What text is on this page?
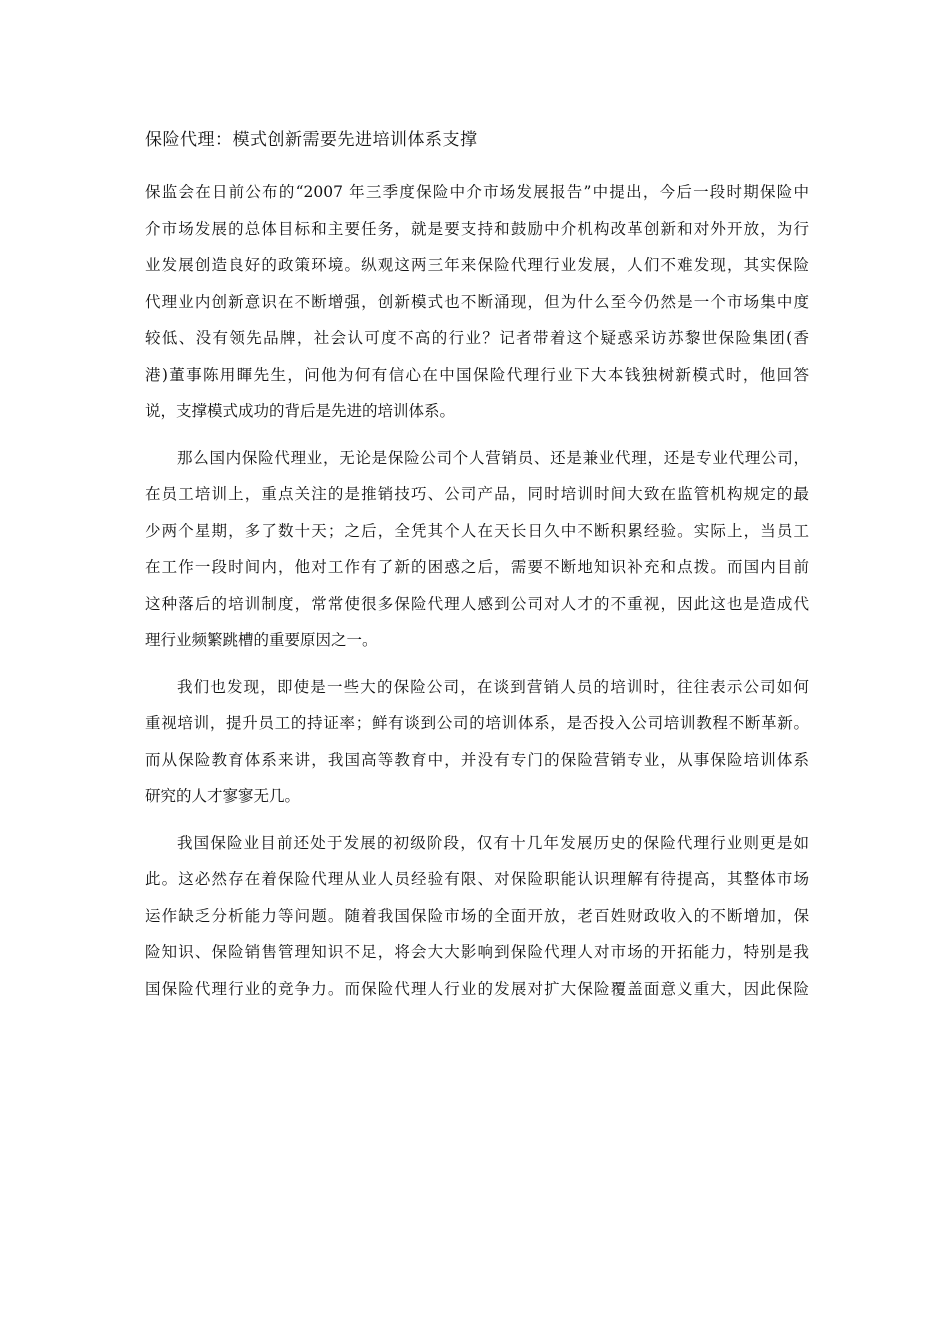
保险代理：模式创新需要先进培训体系支撑

保监会在日前公布的“2007 年三季度保险中介市场发展报告”中提出，今后一段时期保险中
介市场发展的总体目标和主要任务，就是要支持和鼓励中介机构改革创新和对外开放，为行
业发展创造良好的政策环境。纵观这两三年来保险代理行业发展，人们不难发现，其实保险
代理业内创新意识在不断增强，创新模式也不断涌现，但为什么至今仍然是一个市场集中度
较低、没有领先品牌，社会认可度不高的行业？记者带着这个疑惑采访苏黎世保险集团(香
港)董事陈用睴先生，问他为何有信心在中国保险代理行业下大本钱独树新模式时，他回答
说，支撑模式成功的背后是先进的培训体系。

那么国内保险代理业，无论是保险公司个人营销员、还是兼业代理，还是专业代理公司，
在员工培训上，重点关注的是推销技巧、公司产品，同时培训时间大致在监管机构规定的最
少两个星期，多了数十天；之后，全凭其个人在天长日久中不断积累经验。实际上，当员工
在工作一段时间内，他对工作有了新的困惑之后，需要不断地知识补充和点拨。而国内目前
这种落后的培训制度，常常使很多保险代理人感到公司对人才的不重视，因此这也是造成代
理行业频繁跳槽的重要原因之一。

我们也发现，即使是一些大的保险公司，在谈到营销人员的培训时，往往表示公司如何
重视培训，提升员工的持证率；鲜有谈到公司的培训体系，是否投入公司培训教程不断革新。
而从保险教育体系来讲，我国高等教育中，并没有专门的保险营销专业，从事保险培训体系
研究的人才寥寥无几。

我国保险业目前还处于发展的初级阶段，仅有十几年发展历史的保险代理行业则更是如
此。这必然存在着保险代理从业人员经验有限、对保险职能认识理解有待提高，其整体市场
运作缺乏分析能力等问题。随着我国保险市场的全面开放，老百姓财政收入的不断增加，保
险知识、保险销售管理知识不足，将会大大影响到保险代理人对市场的开拓能力，特别是我
国保险代理行业的竞争力。而保险代理人行业的发展对扩大保险覆盖面意义重大，因此保险
